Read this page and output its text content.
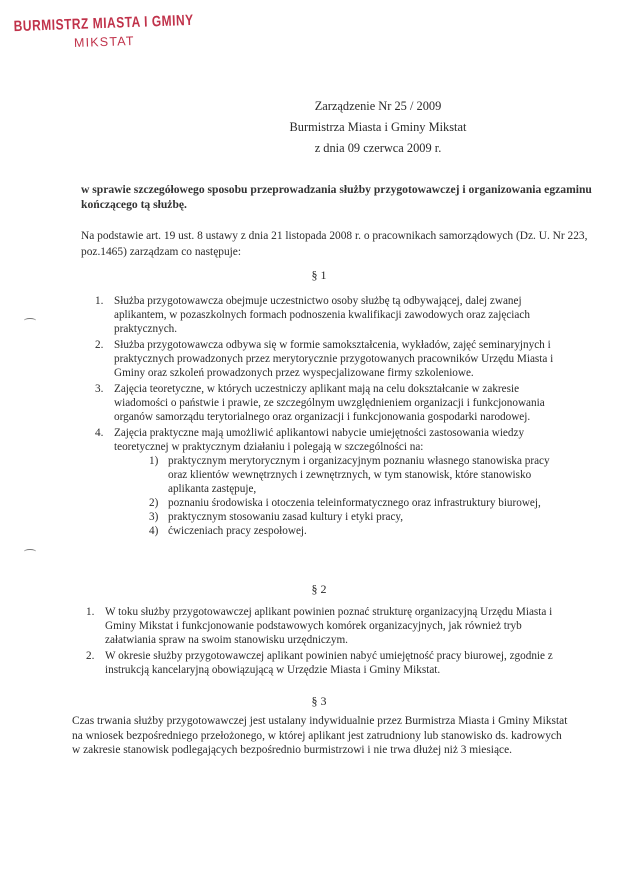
BURMISTRZ MIASTA I GMINY
MIKSTAT
Zarządzenie Nr 25 / 2009
Burmistrza Miasta i Gminy Mikstat
z dnia 09 czerwca 2009 r.
w sprawie szczegółowego sposobu przeprowadzania służby przygotowawczej i organizowania egzaminu kończącego tą służbę.
Na podstawie art. 19 ust. 8 ustawy z dnia 21 listopada 2008 r. o pracownikach samorządowych (Dz. U. Nr 223, poz.1465) zarządzam co następuje:
§ 1
1. Służba przygotowawcza obejmuje uczestnictwo osoby służbę tą odbywającej, dalej zwanej aplikantem, w pozaszkolnych formach podnoszenia kwalifikacji zawodowych oraz zajęciach praktycznych.
2. Służba przygotowawcza odbywa się w formie samokształcenia, wykładów, zajęć seminaryjnych i praktycznych prowadzonych przez merytorycznie przygotowanych pracowników Urzędu Miasta i Gminy oraz szkoleń prowadzonych przez wyspecjalizowane firmy szkoleniowe.
3. Zajęcia teoretyczne, w których uczestniczy aplikant mają na celu dokształcanie w zakresie wiadomości o państwie i prawie, ze szczególnym uwzględnieniem organizacji i funkcjonowania organów samorządu terytorialnego oraz organizacji i funkcjonowania gospodarki narodowej.
4. Zajęcia praktyczne mają umożliwić aplikantowi nabycie umiejętności zastosowania wiedzy teoretycznej w praktycznym działaniu i polegają w szczególności na:
1) praktycznym merytorycznym i organizacyjnym poznaniu własnego stanowiska pracy oraz klientów wewnętrznych i zewnętrznych, w tym stanowisk, które stanowisko aplikanta zastępuje,
2) poznaniu środowiska i otoczenia teleinformatycznego oraz infrastruktury biurowej,
3) praktycznym stosowaniu zasad kultury i etyki pracy,
4) ćwiczeniach pracy zespołowej.
§ 2
1. W toku służby przygotowawczej aplikant powinien poznać strukturę organizacyjną Urzędu Miasta i Gminy Mikstat i funkcjonowanie podstawowych komórek organizacyjnych, jak również tryb załatwiania spraw na swoim stanowisku urzędniczym.
2. W okresie służby przygotowawczej aplikant powinien nabyć umiejętność pracy biurowej, zgodnie z instrukcją kancelaryjną obowiązującą w Urzędzie Miasta i Gminy Mikstat.
§ 3
Czas trwania służby przygotowawczej jest ustalany indywidualnie przez Burmistrza Miasta i Gminy Mikstat na wniosek bezpośredniego przełożonego, w której aplikant jest zatrudniony lub stanowisko ds. kadrowych w zakresie stanowisk podlegających bezpośrednio burmistrzowi i nie trwa dłużej niż 3 miesiące.
